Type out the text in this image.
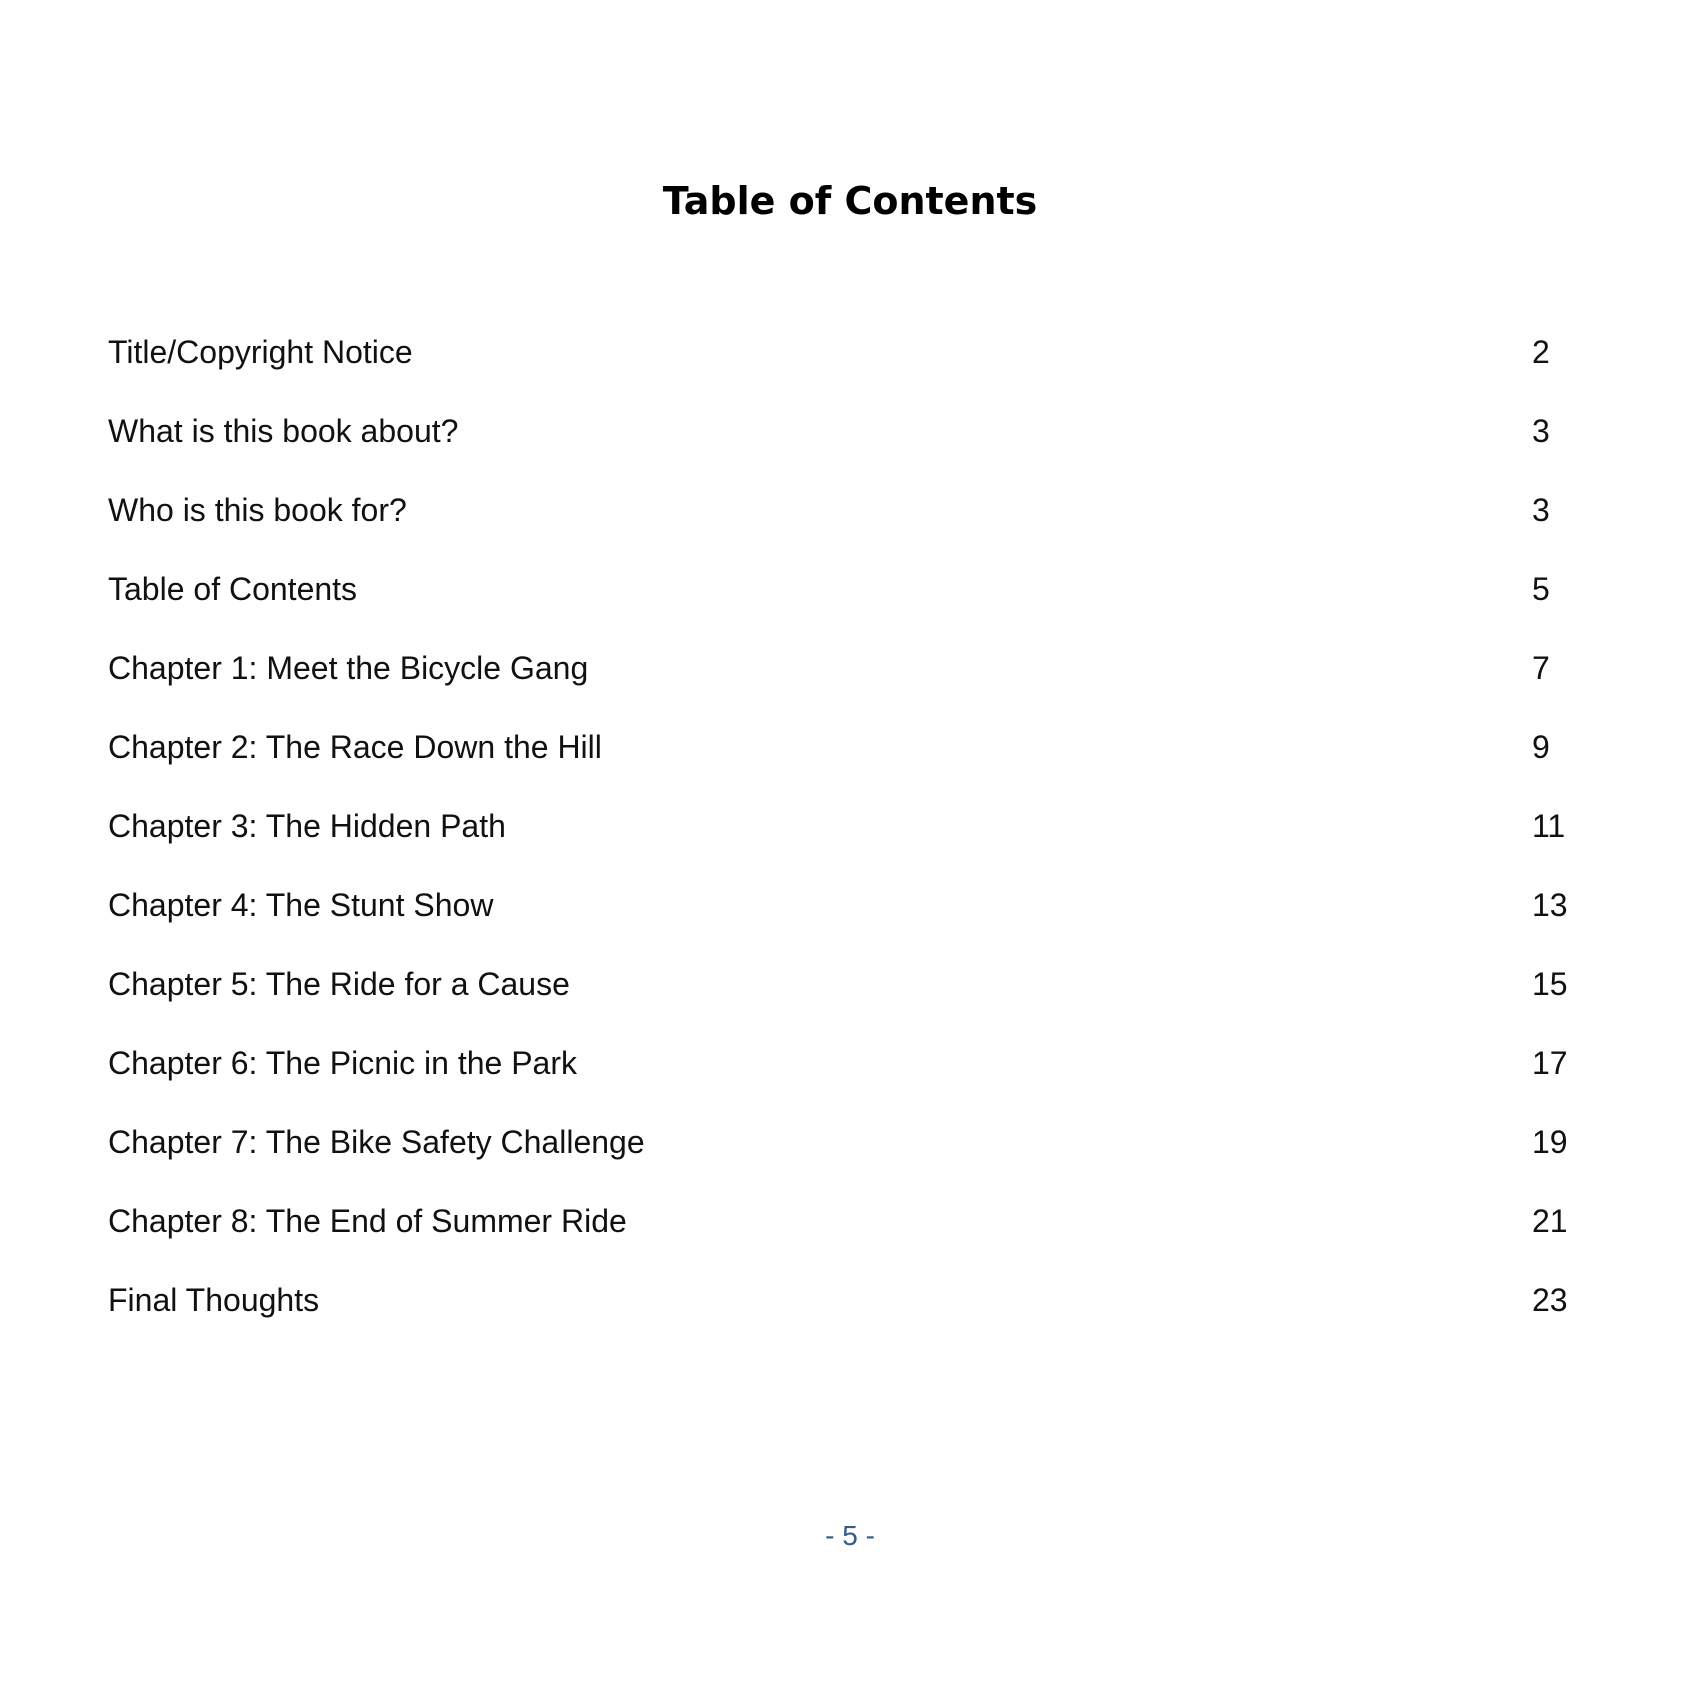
Table of Contents
Title/Copyright Notice	2
What is this book about?	3
Who is this book for?	3
Table of Contents	5
Chapter 1: Meet the Bicycle Gang	7
Chapter 2: The Race Down the Hill	9
Chapter 3: The Hidden Path	11
Chapter 4: The Stunt Show	13
Chapter 5: The Ride for a Cause	15
Chapter 6: The Picnic in the Park	17
Chapter 7: The Bike Safety Challenge	19
Chapter 8: The End of Summer Ride	21
Final Thoughts	23
- 5 -
